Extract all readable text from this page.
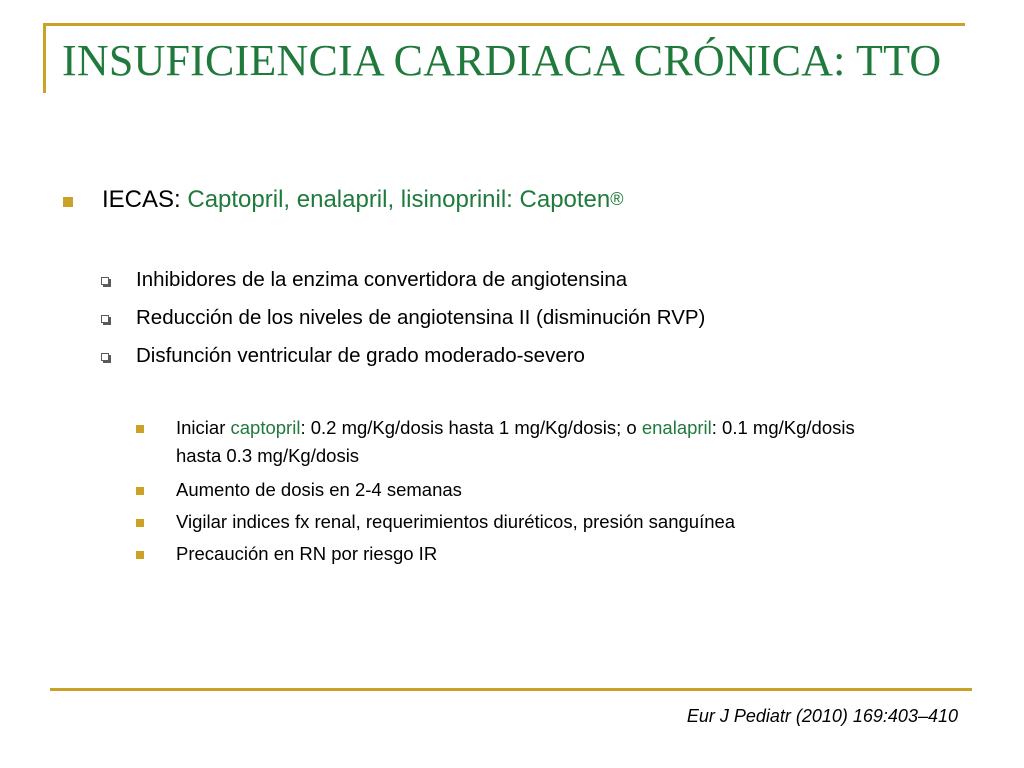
INSUFICIENCIA CARDIACA CRÓNICA: TTO
IECAS: Captopril, enalapril, lisinoprinil: Capoten®
Inhibidores de la enzima convertidora de angiotensina
Reducción de los niveles de angiotensina II (disminución RVP)
Disfunción ventricular de grado moderado-severo
Iniciar captopril: 0.2 mg/Kg/dosis hasta 1 mg/Kg/dosis; o enalapril: 0.1 mg/Kg/dosis hasta 0.3 mg/Kg/dosis
Aumento de dosis en 2-4 semanas
Vigilar indices fx renal, requerimientos diuréticos, presión sanguínea
Precaución en RN por riesgo IR
Eur J Pediatr (2010) 169:403–410
